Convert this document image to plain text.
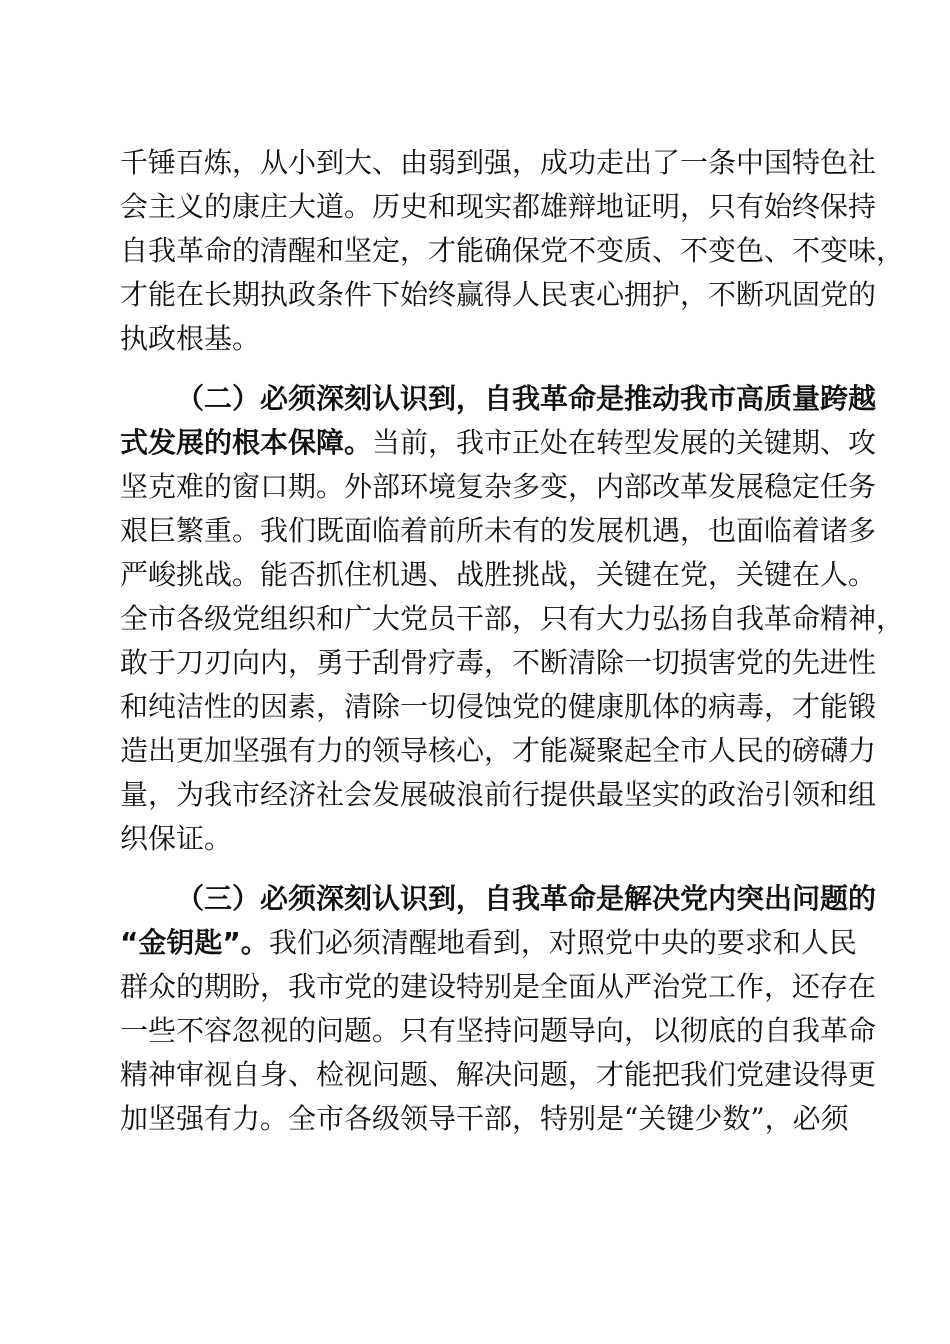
千锤百炼，从小到大、由弱到强，成功走出了一条中国特色社
会主义的康庄大道。历史和现实都雄辩地证明，只有始终保持
自我革命的清醒和坚定，才能确保党不变质、不变色、不变味，
才能在长期执政条件下始终赢得人民衷心拥护，不断巩固党的
执政根基。
（二）必须深刻认识到，自我革命是推动我市高质量跨越
式发展的根本保障。当前，我市正处在转型发展的关键期、攻
坚克难的窗口期。外部环境复杂多变，内部改革发展稳定任务
艰巨繁重。我们既面临着前所未有的发展机遇，也面临着诸多
严峻挑战。能否抓住机遇、战胜挑战，关键在党，关键在人。
全市各级党组织和广大党员干部，只有大力弘扬自我革命精神，
敢于刀刃向内，勇于刮骨疗毒，不断清除一切损害党的先进性
和纯洁性的因素，清除一切侵蚀党的健康肌体的病毒，才能锻
造出更加坚强有力的领导核心，才能凝聚起全市人民的磅礴力
量，为我市经济社会发展破浪前行提供最坚实的政治引领和组
织保证。
（三）必须深刻认识到，自我革命是解决党内突出问题的
“金钥匙”。我们必须清醒地看到，对照党中央的要求和人民
群众的期盼，我市党的建设特别是全面从严治党工作，还存在
一些不容忽视的问题。只有坚持问题导向，以彻底的自我革命
精神审视自身、检视问题、解决问题，才能把我们党建设得更
加坚强有力。全市各级领导干部，特别是“关键少数”，必须
